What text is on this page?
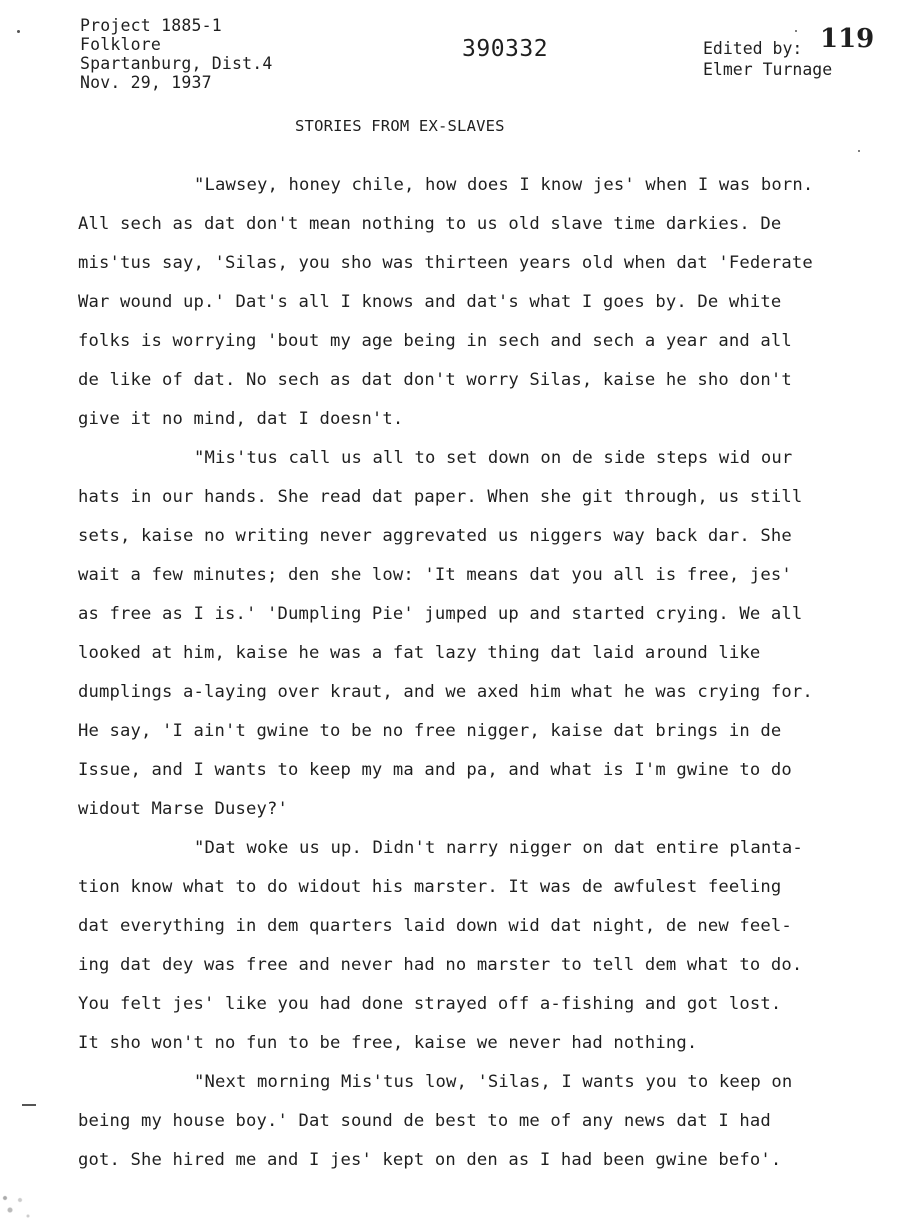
Project 1885-1
Folklore
Spartanburg, Dist.4
Nov. 29, 1937
390332	119
Edited by:
Elmer Turnage
STORIES FROM EX-SLAVES
"Lawsey, honey chile, how does I know jes' when I was born.
All sech as dat don't mean nothing to us old slave time darkies. De
mis'tus say, 'Silas, you sho was thirteen years old when dat 'Federate
War wound up.' Dat's all I knows and dat's what I goes by. De white
folks is worrying 'bout my age being in sech and sech a year and all
de like of dat. No sech as dat don't worry Silas, kaise he sho don't
give it no mind, dat I doesn't.
"Mis'tus call us all to set down on de side steps wid our
hats in our hands. She read dat paper. When she git through, us still
sets, kaise no writing never aggrevated us niggers way back dar. She
wait a few minutes; den she low: 'It means dat you all is free, jes'
as free as I is.' 'Dumpling Pie' jumped up and started crying. We all
looked at him, kaise he was a fat lazy thing dat laid around like
dumplings a-laying over kraut, and we axed him what he was crying for.
He say, 'I ain't gwine to be no free nigger, kaise dat brings in de
Issue, and I wants to keep my ma and pa, and what is I'm gwine to do
widout Marse Dusey?'
"Dat woke us up. Didn't narry nigger on dat entire planta-
tion know what to do widout his marster. It was de awfulest feeling
dat everything in dem quarters laid down wid dat night, de new feel-
ing dat dey was free and never had no marster to tell dem what to do.
You felt jes' like you had done strayed off a-fishing and got lost.
It sho won't no fun to be free, kaise we never had nothing.
"Next morning Mis'tus low, 'Silas, I wants you to keep on
being my house boy.' Dat sound de best to me of any news dat I had
got. She hired me and I jes' kept on den as I had been gwine befo'.
